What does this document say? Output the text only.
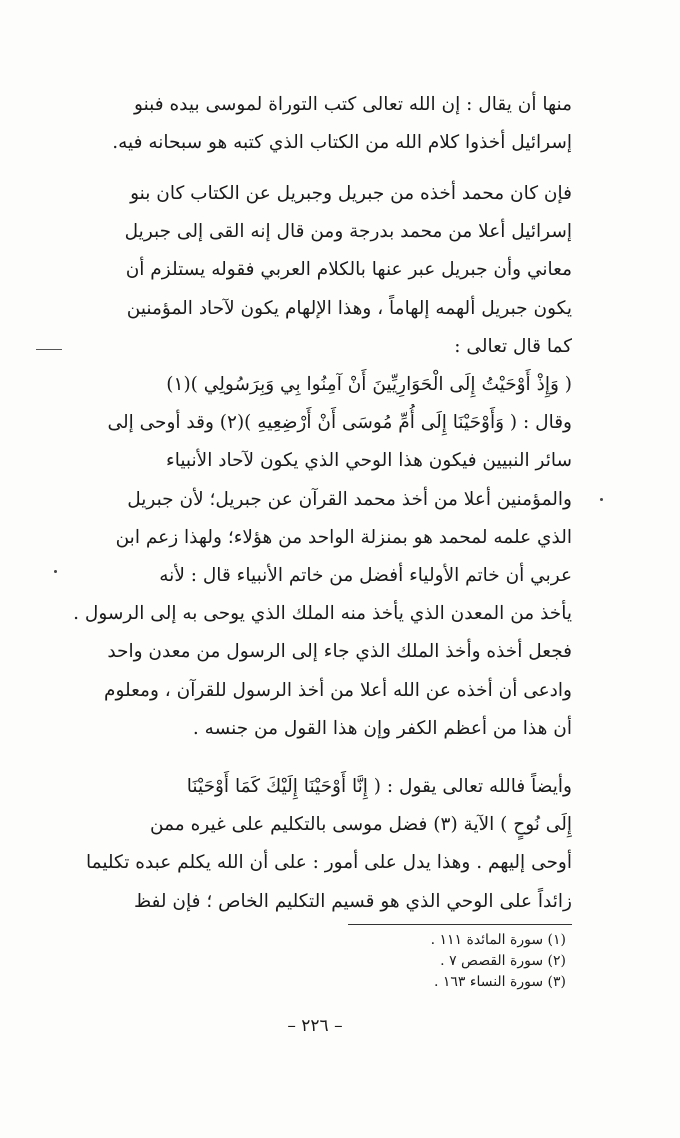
منها أن يقال : إن الله تعالى كتب التوراة لموسى بيده فبنو
إسرائيل أخذوا كلام الله من الكتاب الذي كتبه هو سبحانه فيه.
فإن كان محمد أخذه من جبريل وجبريل عن الكتاب كان بنو
إسرائيل أعلا من محمد بدرجة ومن قال إنه القى إلى جبريل
معاني وأن جبريل عبر عنها بالكلام العربي فقوله يستلزم أن
يكون جبريل ألهمه إلهاماً ، وهذا الإلهام يكون لآحاد المؤمنين
كما قال تعالى :
( وَإِذْ أَوْحَيْتُ إِلَى الْحَوَارِيِّينَ أَنْ آمِنُوا بِي وَبِرَسُولِي )(١)
وقال : ( وَأَوْحَيْنَا إِلَى أُمِّ مُوسَى أَنْ أَرْضِعِيهِ )(٢) وقد أوحى إلى
سائر النبيين فيكون هذا الوحي الذي يكون لآحاد الأنبياء
والمؤمنين أعلا من أخذ محمد القرآن عن جبريل؛ لأن جبريل
الذي علمه لمحمد هو بمنزلة الواحد من هؤلاء؛ ولهذا زعم ابن
عربي أن خاتم الأولياء أفضل من خاتم الأنبياء قال : لأنه
يأخذ من المعدن الذي يأخذ منه الملك الذي يوحى به إلى الرسول .
فجعل أخذه وأخذ الملك الذي جاء إلى الرسول من معدن واحد
وادعى أن أخذه عن الله أعلا من أخذ الرسول للقرآن ، ومعلوم
أن هذا من أعظم الكفر وإن هذا القول من جنسه .
وأيضاً فالله تعالى يقول : ( إِنَّا أَوْحَيْنَا إِلَيْكَ كَمَا أَوْحَيْنَا
إِلَى نُوحٍ ) الآية (٣) فضل موسى بالتكليم على غيره ممن
أوحى إليهم . وهذا يدل على أمور : على أن الله يكلم عبده تكليما
زائداً على الوحي الذي هو قسيم التكليم الخاص ؛ فإن لفظ
(١) سورة المائدة ١١١ .
(٢) سورة القصص ٧ .
(٣) سورة النساء ١٦٣ .
– ٢٢٦ –
